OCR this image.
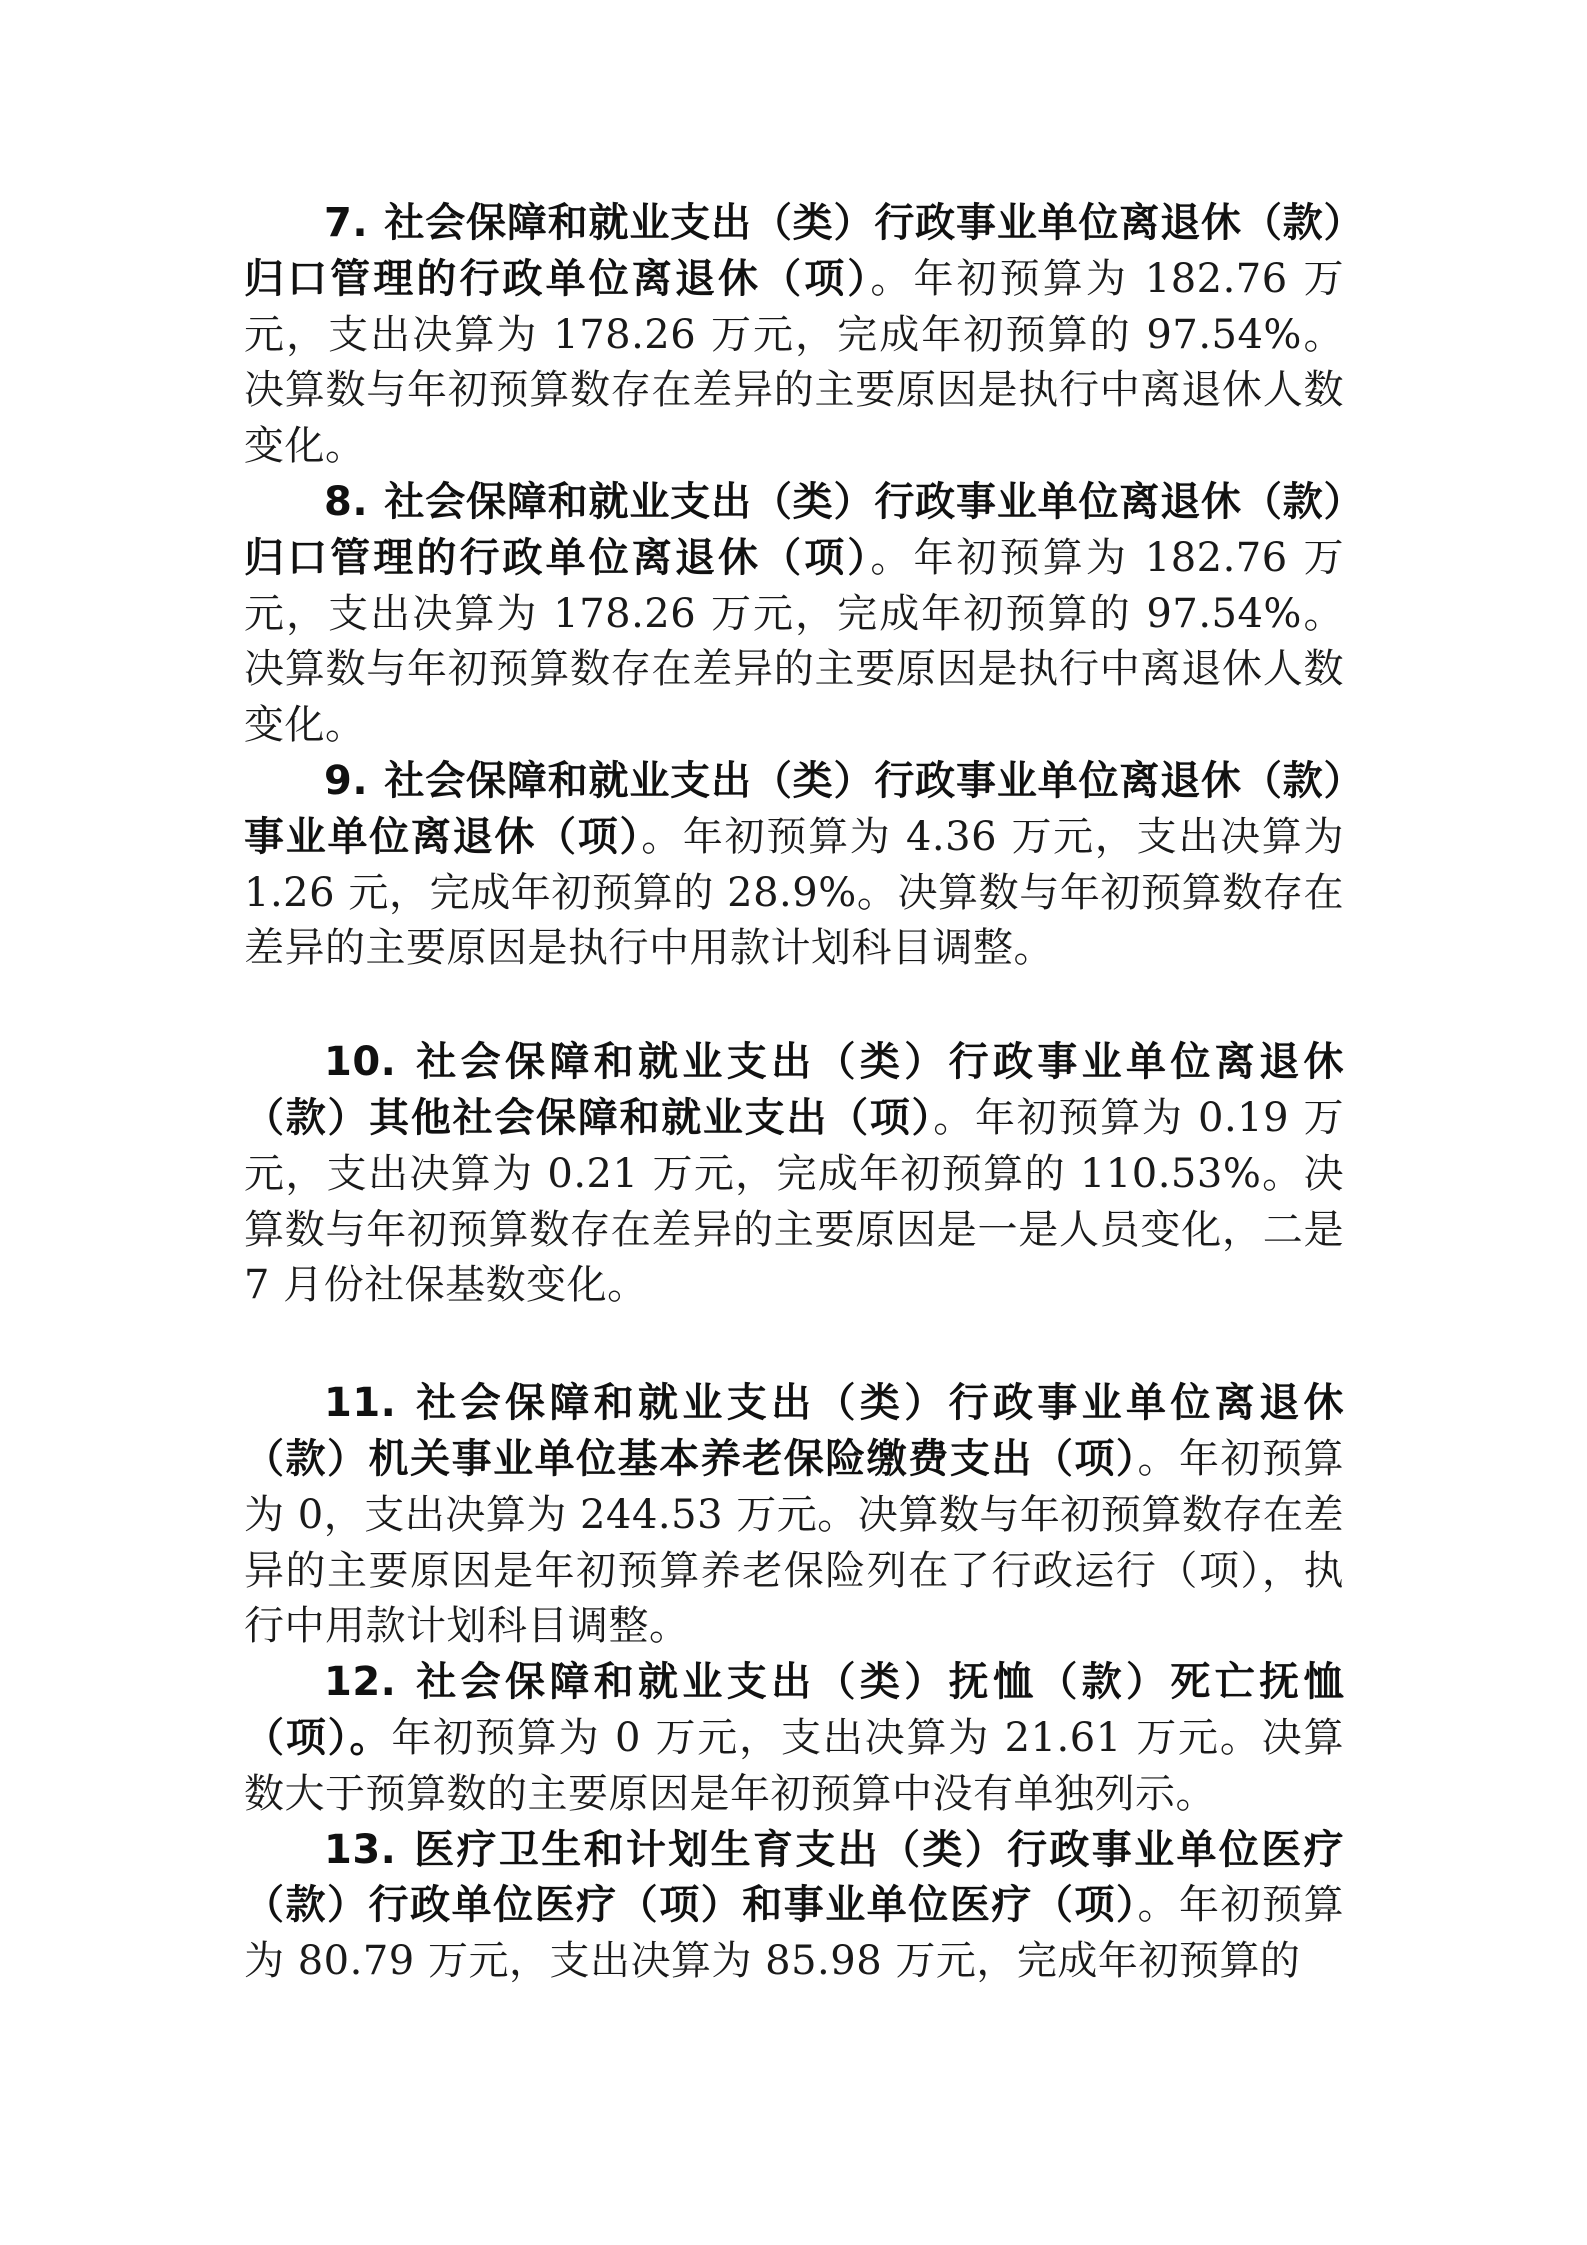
7. 社会保障和就业支出（类）行政事业单位离退休（款）归口管理的行政单位离退休（项）。年初预算为 182.76 万元，支出决算为 178.26 万元，完成年初预算的 97.54%。决算数与年初预算数存在差异的主要原因是执行中离退休人数变化。

8. 社会保障和就业支出（类）行政事业单位离退休（款）归口管理的行政单位离退休（项）。年初预算为 182.76 万元，支出决算为 178.26 万元，完成年初预算的 97.54%。决算数与年初预算数存在差异的主要原因是执行中离退休人数变化。

9. 社会保障和就业支出（类）行政事业单位离退休（款）事业单位离退休（项）。年初预算为 4.36 万元，支出决算为 1.26 元，完成年初预算的 28.9%。决算数与年初预算数存在差异的主要原因是执行中用款计划科目调整。

10. 社会保障和就业支出（类）行政事业单位离退休（款）其他社会保障和就业支出（项）。年初预算为 0.19 万元，支出决算为 0.21 万元，完成年初预算的 110.53%。决算数与年初预算数存在差异的主要原因是一是人员变化，二是 7 月份社保基数变化。

11. 社会保障和就业支出（类）行政事业单位离退休（款）机关事业单位基本养老保险缴费支出（项）。年初预算为 0，支出决算为 244.53 万元。决算数与年初预算数存在差异的主要原因是年初预算养老保险列在了行政运行（项），执行中用款计划科目调整。

12. 社会保障和就业支出（类）抚恤（款）死亡抚恤（项）。年初预算为 0 万元，支出决算为 21.61 万元。决算数大于预算数的主要原因是年初预算中没有单独列示。

13. 医疗卫生和计划生育支出（类）行政事业单位医疗（款）行政单位医疗（项）和事业单位医疗（项）。年初预算为 80.79 万元，支出决算为 85.98 万元，完成年初预算的
